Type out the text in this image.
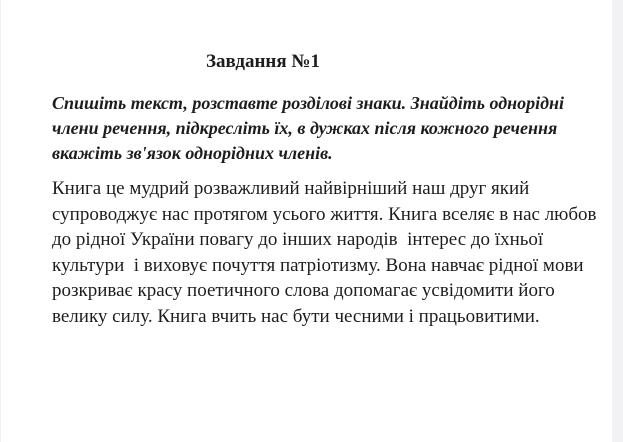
Завдання №1
Спишіть текст, розставте розділові знаки. Знайдіть однорідні
члени речення, підкресліть їх, в дужках після кожного речення
вкажіть зв'язок однорідних членів.
Книга це мудрий розважливий найвірніший наш друг який
супроводжує нас протягом усього життя. Книга вселяє в нас любов
до рідної України повагу до інших народів  інтерес до їхньої
культури  і виховує почуття патріотизму. Вона навчає рідної мови
розкриває красу поетичного слова допомагає усвідомити його
велику силу. Книга вчить нас бути чесними і працьовитими.
